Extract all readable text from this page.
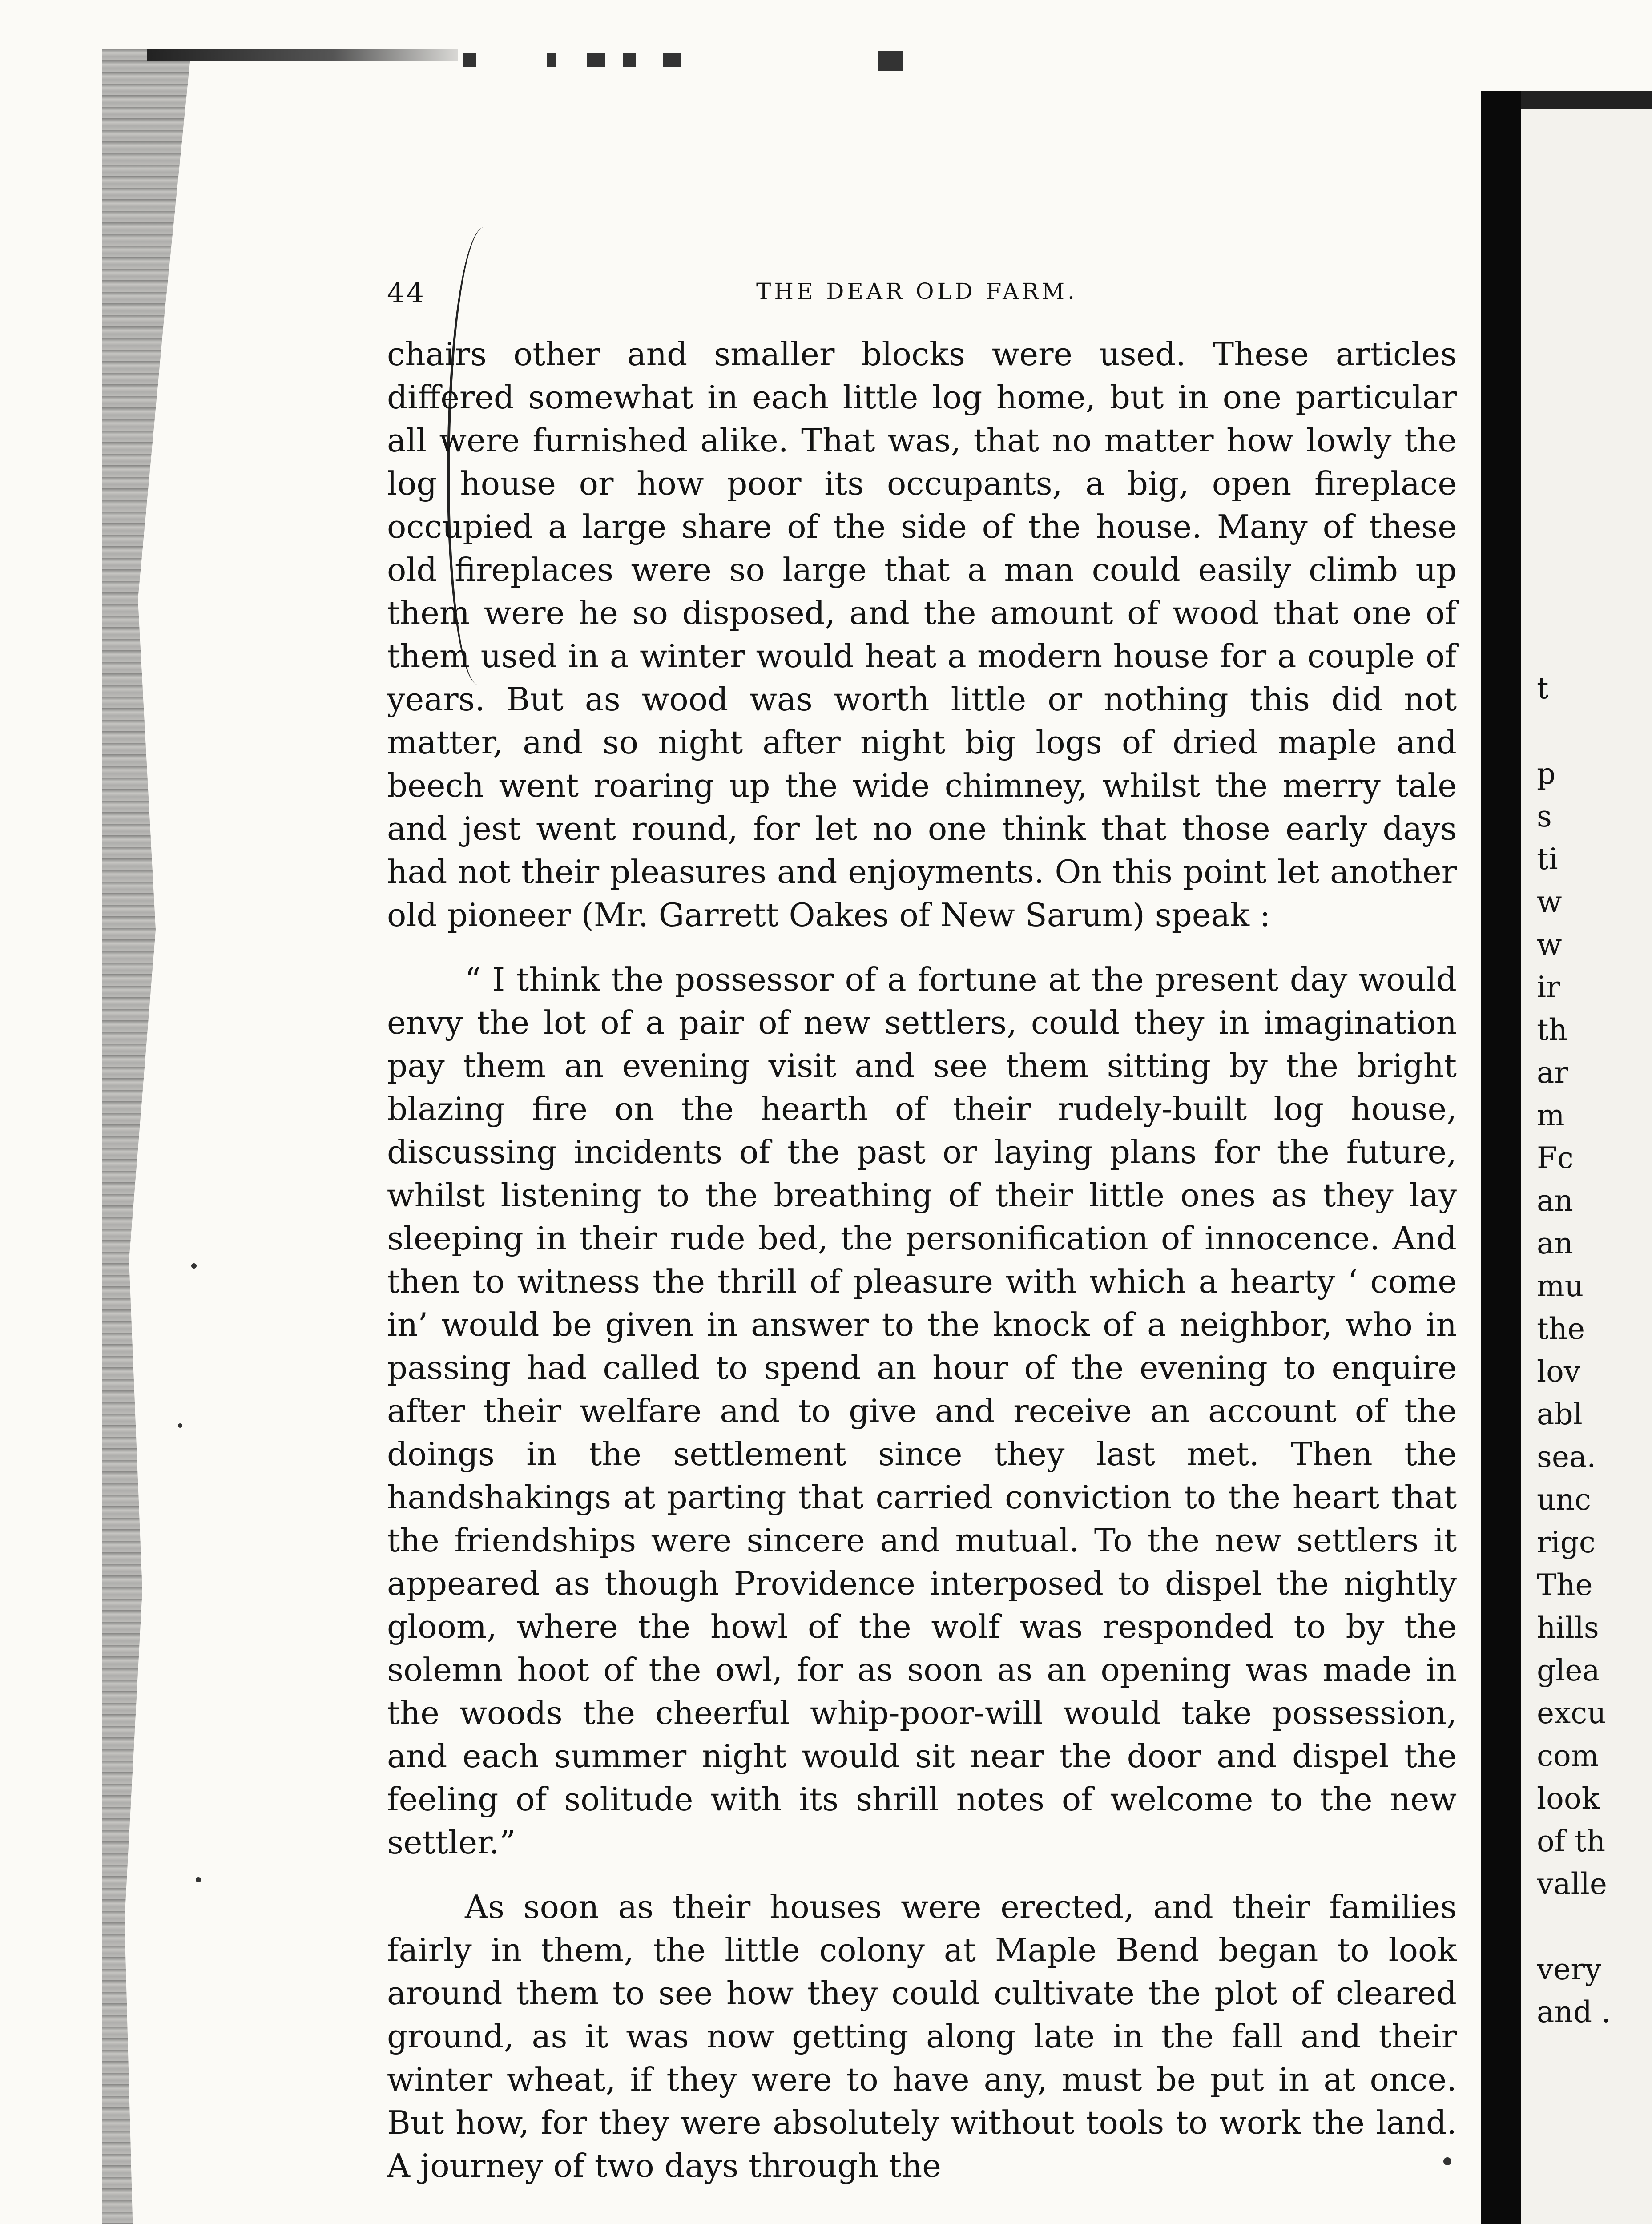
44	THE DEAR OLD FARM.

chairs other and smaller blocks were used. These articles differed somewhat in each little log home, but in one particular all were furnished alike. That was, that no matter how lowly the log house or how poor its occupants, a big, open fireplace occupied a large share of the side of the house. Many of these old fireplaces were so large that a man could easily climb up them were he so disposed, and the amount of wood that one of them used in a winter would heat a modern house for a couple of years. But as wood was worth little or nothing this did not matter, and so night after night big logs of dried maple and beech went roaring up the wide chimney, whilst the merry tale and jest went round, for let no one think that those early days had not their pleasures and enjoyments. On this point let another old pioneer (Mr. Garrett Oakes of New Sarum) speak :

“ I think the possessor of a fortune at the present day would envy the lot of a pair of new settlers, could they in imagination pay them an evening visit and see them sitting by the bright blazing fire on the hearth of their rudely-built log house, discussing incidents of the past or laying plans for the future, whilst listening to the breathing of their little ones as they lay sleeping in their rude bed, the personification of innocence. And then to witness the thrill of pleasure with which a hearty ‘ come in’ would be given in answer to the knock of a neighbor, who in passing had called to spend an hour of the evening to enquire after their welfare and to give and receive an account of the doings in the settlement since they last met. Then the handshakings at parting that carried conviction to the heart that the friendships were sincere and mutual. To the new settlers it appeared as though Providence interposed to dispel the nightly gloom, where the howl of the wolf was responded to by the solemn hoot of the owl, for as soon as an opening was made in the woods the cheerful whip-poor-will would take possession, and each summer night would sit near the door and dispel the feeling of solitude with its shrill notes of welcome to the new settler.”

As soon as their houses were erected, and their families fairly in them, the little colony at Maple Bend began to look around them to see how they could cultivate the plot of cleared ground, as it was now getting along late in the fall and their winter wheat, if they were to have any, must be put in at once. But how, for they were absolutely without tools to work the land. A journey of two days through the

t
p
s
ti
w
w
ir
th
ar
m
Fc
an
an
mu
the
lov
abl
sea.
unc
rigc
The
hills
glea
excu
com
look
of th
valle
very
and .
